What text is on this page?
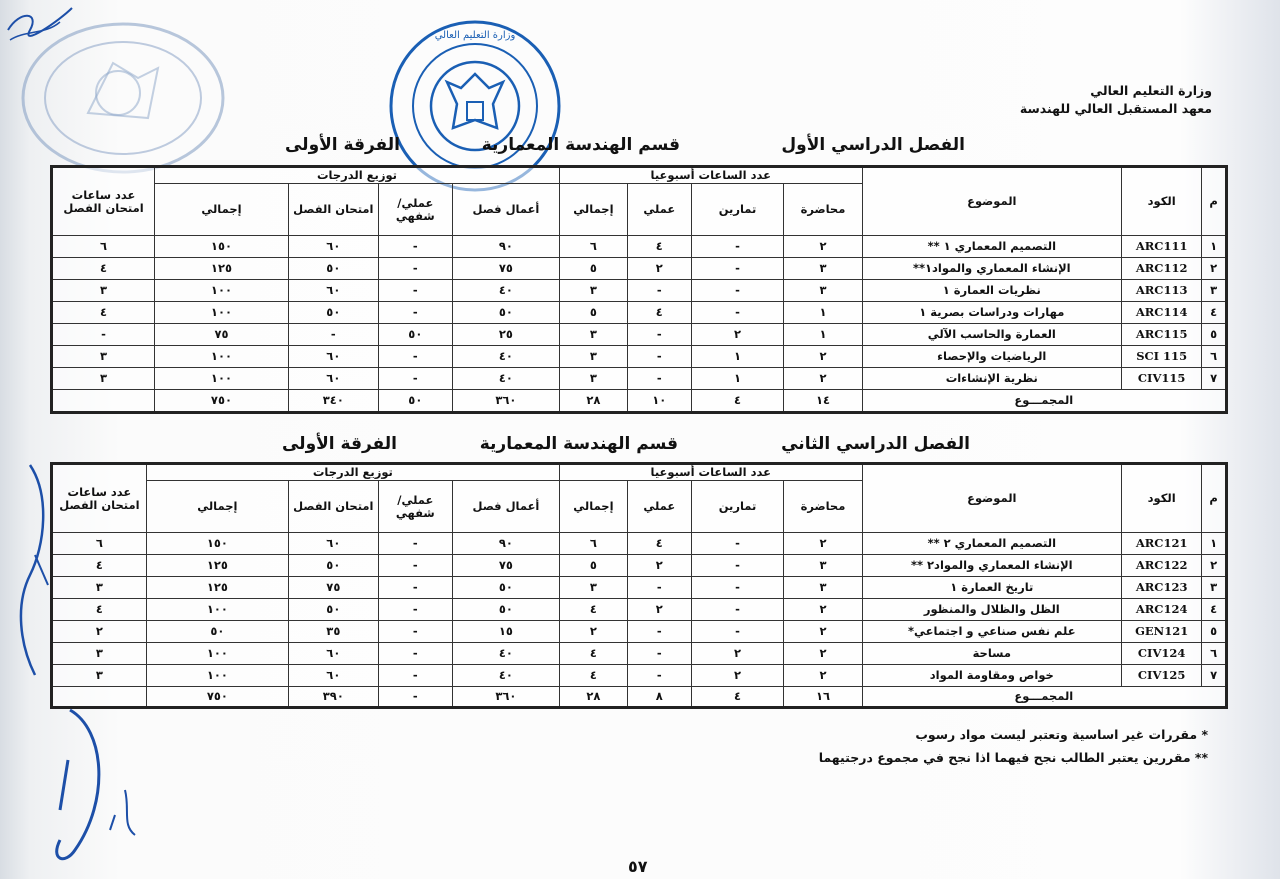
وزارة التعليم العالي
وزارة التعليم العالي
معهد المستقبل العالي للهندسة
الفصل الدراسي الأول
قسم الهندسة المعمارية
الفرقة الأولى
م	الكود	الموضوع	عدد الساعات أسبوعيا				توزيع الدرجات				عدد ساعات امتحان الفصل
			محاضرة	تمارين	عملي	إجمالي	أعمال فصل	عملي/ شفهي	امتحان الفصل	إجمالي	
١	ARC111	التصميم المعماري ١ **	٢	-	٤	٦	٩٠	-	٦٠	١٥٠	٦
٢	ARC112	الإنشاء المعماري والمواد١**	٣	-	٢	٥	٧٥	-	٥٠	١٢٥	٤
٣	ARC113	نظريات العمارة ١	٣	-	-	٣	٤٠	-	٦٠	١٠٠	٣
٤	ARC114	مهارات ودراسات بصرية ١	١	-	٤	٥	٥٠	-	٥٠	١٠٠	٤
٥	ARC115	العمارة والحاسب الآلي	١	٢	-	٣	٢٥	٥٠	-	٧٥	-
٦	SCI 115	الرياضيات والإحصاء	٢	١	-	٣	٤٠	-	٦٠	١٠٠	٣
٧	CIV115	نظرية الإنشاءات	٢	١	-	٣	٤٠	-	٦٠	١٠٠	٣
المجمـــوع			١٤	٤	١٠	٢٨	٣٦٠	٥٠	٣٤٠	٧٥٠	
الفصل الدراسي الثاني
قسم الهندسة المعمارية
الفرقة الأولى
م	الكود	الموضوع	عدد الساعات أسبوعيا				توزيع الدرجات				عدد ساعات امتحان الفصل
			محاضرة	تمارين	عملي	إجمالي	أعمال فصل	عملي/ شفهي	امتحان الفصل	إجمالي	
١	ARC121	التصميم المعماري ٢ **	٢	-	٤	٦	٩٠	-	٦٠	١٥٠	٦
٢	ARC122	الإنشاء المعماري والمواد٢ **	٣	-	٢	٥	٧٥	-	٥٠	١٢٥	٤
٣	ARC123	تاريخ العمارة ١	٣	-	-	٣	٥٠	-	٧٥	١٢٥	٣
٤	ARC124	الظل والظلال والمنظور	٢	-	٢	٤	٥٠	-	٥٠	١٠٠	٤
٥	GEN121	علم نفس صناعي و اجتماعي*	٢	-	-	٢	١٥	-	٣٥	٥٠	٢
٦	CIV124	مساحة	٢	٢	-	٤	٤٠	-	٦٠	١٠٠	٣
٧	CIV125	خواص ومقاومة المواد	٢	٢	-	٤	٤٠	-	٦٠	١٠٠	٣
المجمـــوع			١٦	٤	٨	٢٨	٣٦٠	-	٣٩٠	٧٥٠	
* مقررات غير اساسية وتعتبر ليست مواد رسوب
** مقررين يعتبر الطالب نجح فيهما اذا نجح في مجموع درجتيهما
٥٧
